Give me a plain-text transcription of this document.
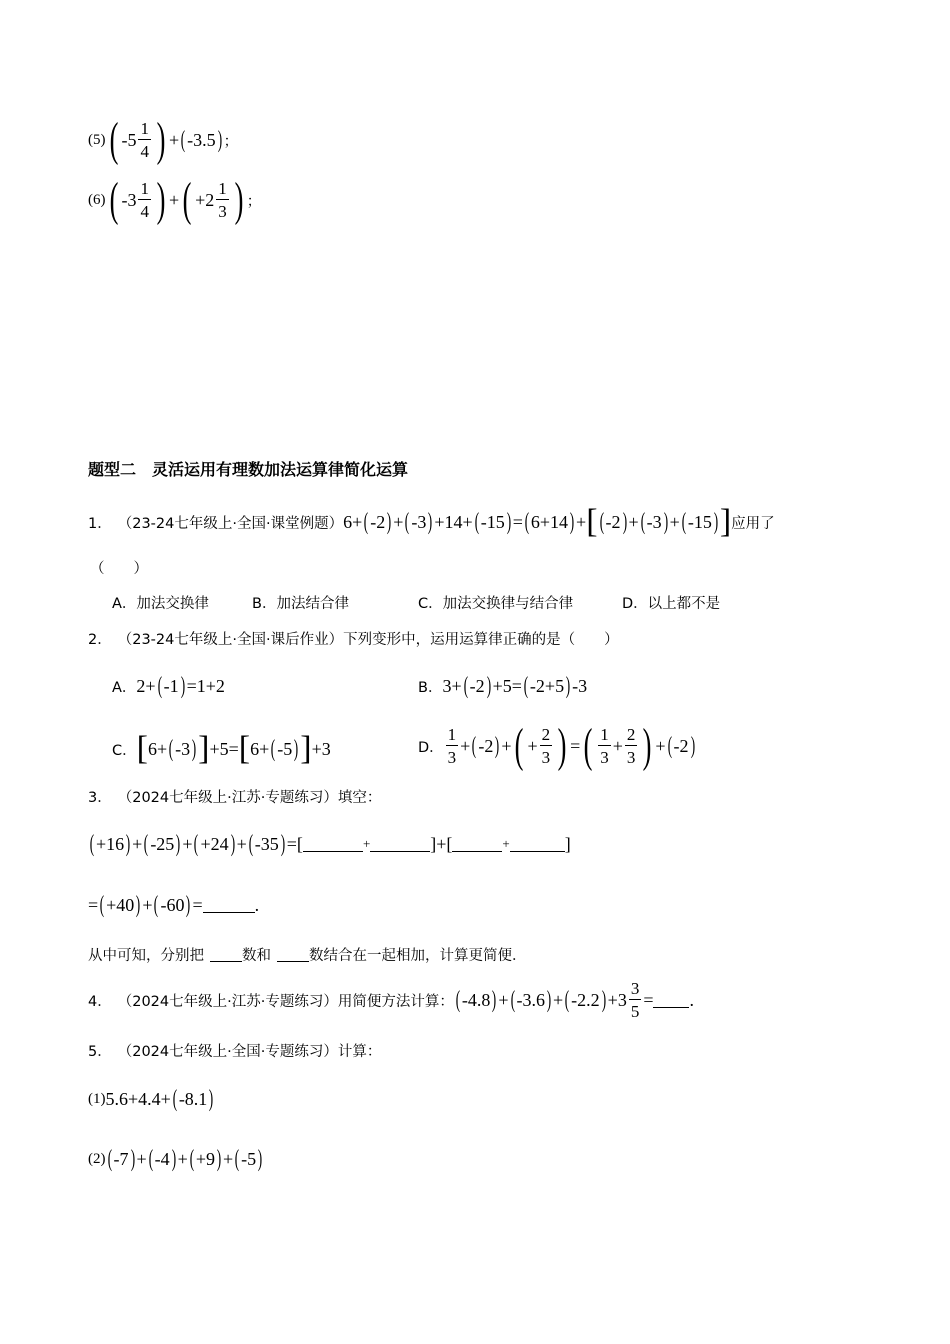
(5) ( $-5 \frac{1}{4}$ ) + ( -3.5 ) ；
(6) ( $-3 \frac{1}{4}$ ) + ( $+2 \frac{1}{3}$ ) ；
题型二　灵活运用有理数加法运算律简化运算
1． （23-24七年级上·全国·课堂例题） 6+ ( -2 ) + ( -3 ) +14+ ( -15 ) = ( 6+14 ) + [ ( -2 ) + ( -3 ) + ( -15 ) ] 应用了
（　　）
A．加法交换律	B．加法结合律	C．加法交换律与结合律	D．以上都不是
2． （23-24七年级上·全国·课后作业） 下列变形中，运用运算律正确的是（　　）
A． 2+ ( -1 ) =1+2	B． 3+ ( -2 ) +5= ( -2+5 ) -3
C． [ 6+ ( -3 ) ] +5= [ 6+ ( -5 ) ] +3	D． $\frac{1}{3}$ + ( -2 ) + ( + $\frac{2}{3}$ ) = ( $\frac{1}{3} + \frac{2}{3}$ ) + ( -2 )
3． （2024七年级上·江苏·专题练习） 填空：
( +16 ) + ( -25 ) + ( +24 ) + ( -35 ) =[	+	]+[	+	]
= ( +40 ) + ( -60 ) =	.
从中可知，分别把	数和	数结合在一起相加，计算更简便．
4． （2024七年级上·江苏·专题练习） 用简便方法计算： ( -4.8 ) + ( -3.6 ) + ( -2.2 ) $+3 \frac{3}{5}$ = .
5． （2024七年级上·全国·专题练习） 计算：
(1) 5.6+4.4+ ( -8.1 )
(2) ( -7 ) + ( -4 ) + ( +9 ) + ( -5 )
